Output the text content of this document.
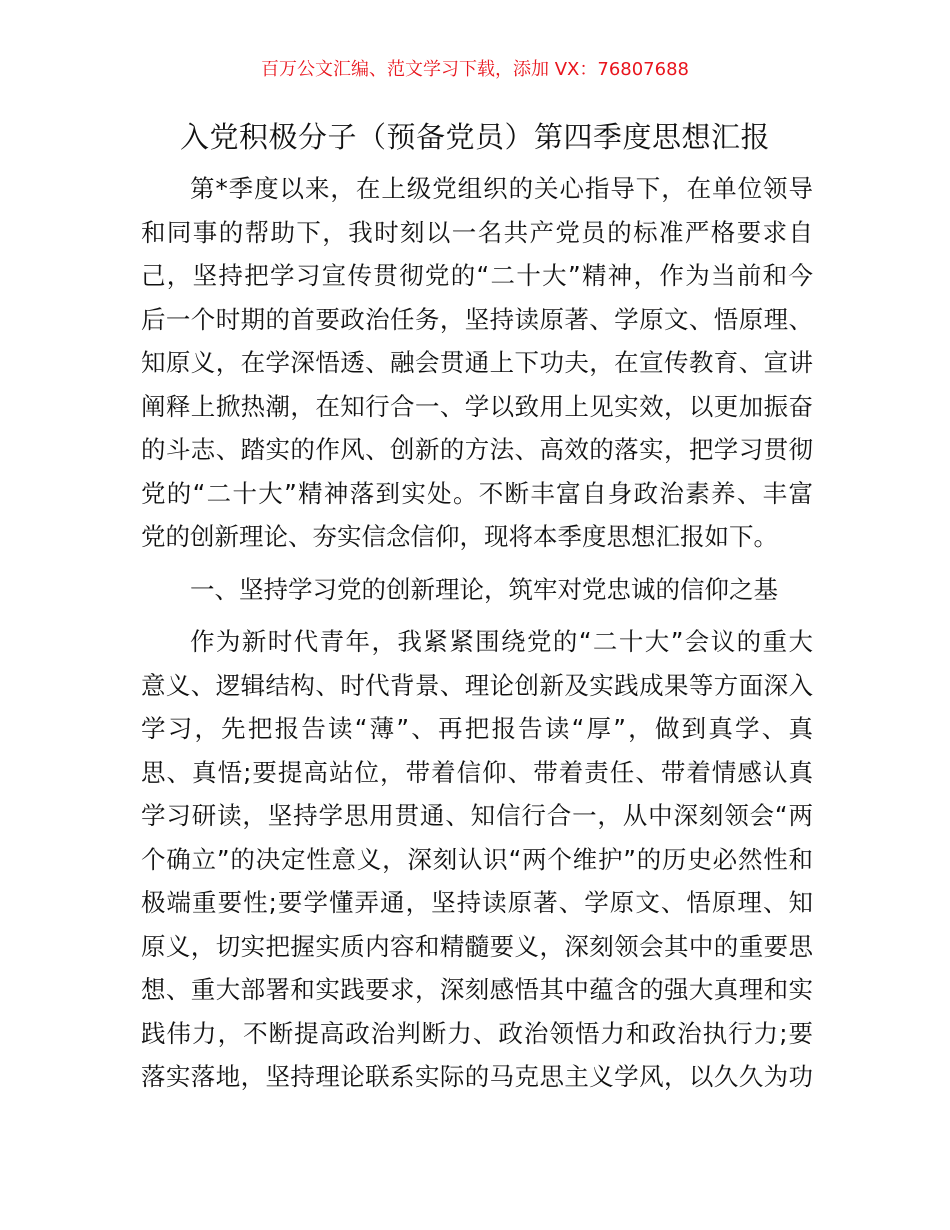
百万公文汇编、范文学习下载，添加 VX：76807688
入党积极分子（预备党员）第四季度思想汇报
第*季度以来，在上级党组织的关心指导下，在单位领导
和同事的帮助下，我时刻以一名共产党员的标准严格要求自
己，坚持把学习宣传贯彻党的“二十大”精神，作为当前和今
后一个时期的首要政治任务，坚持读原著、学原文、悟原理、
知原义，在学深悟透、融会贯通上下功夫，在宣传教育、宣讲
阐释上掀热潮，在知行合一、学以致用上见实效，以更加振奋
的斗志、踏实的作风、创新的方法、高效的落实，把学习贯彻
党的“二十大”精神落到实处。不断丰富自身政治素养、丰富
党的创新理论、夯实信念信仰，现将本季度思想汇报如下。
一、坚持学习党的创新理论，筑牢对党忠诚的信仰之基
作为新时代青年，我紧紧围绕党的“二十大”会议的重大
意义、逻辑结构、时代背景、理论创新及实践成果等方面深入
学习，先把报告读“薄”、再把报告读“厚”，做到真学、真
思、真悟;要提高站位，带着信仰、带着责任、带着情感认真
学习研读，坚持学思用贯通、知信行合一，从中深刻领会“两
个确立”的决定性意义，深刻认识“两个维护”的历史必然性和
极端重要性;要学懂弄通，坚持读原著、学原文、悟原理、知
原义，切实把握实质内容和精髓要义，深刻领会其中的重要思
想、重大部署和实践要求，深刻感悟其中蕴含的强大真理和实
践伟力，不断提高政治判断力、政治领悟力和政治执行力;要
落实落地，坚持理论联系实际的马克思主义学风，以久久为功
